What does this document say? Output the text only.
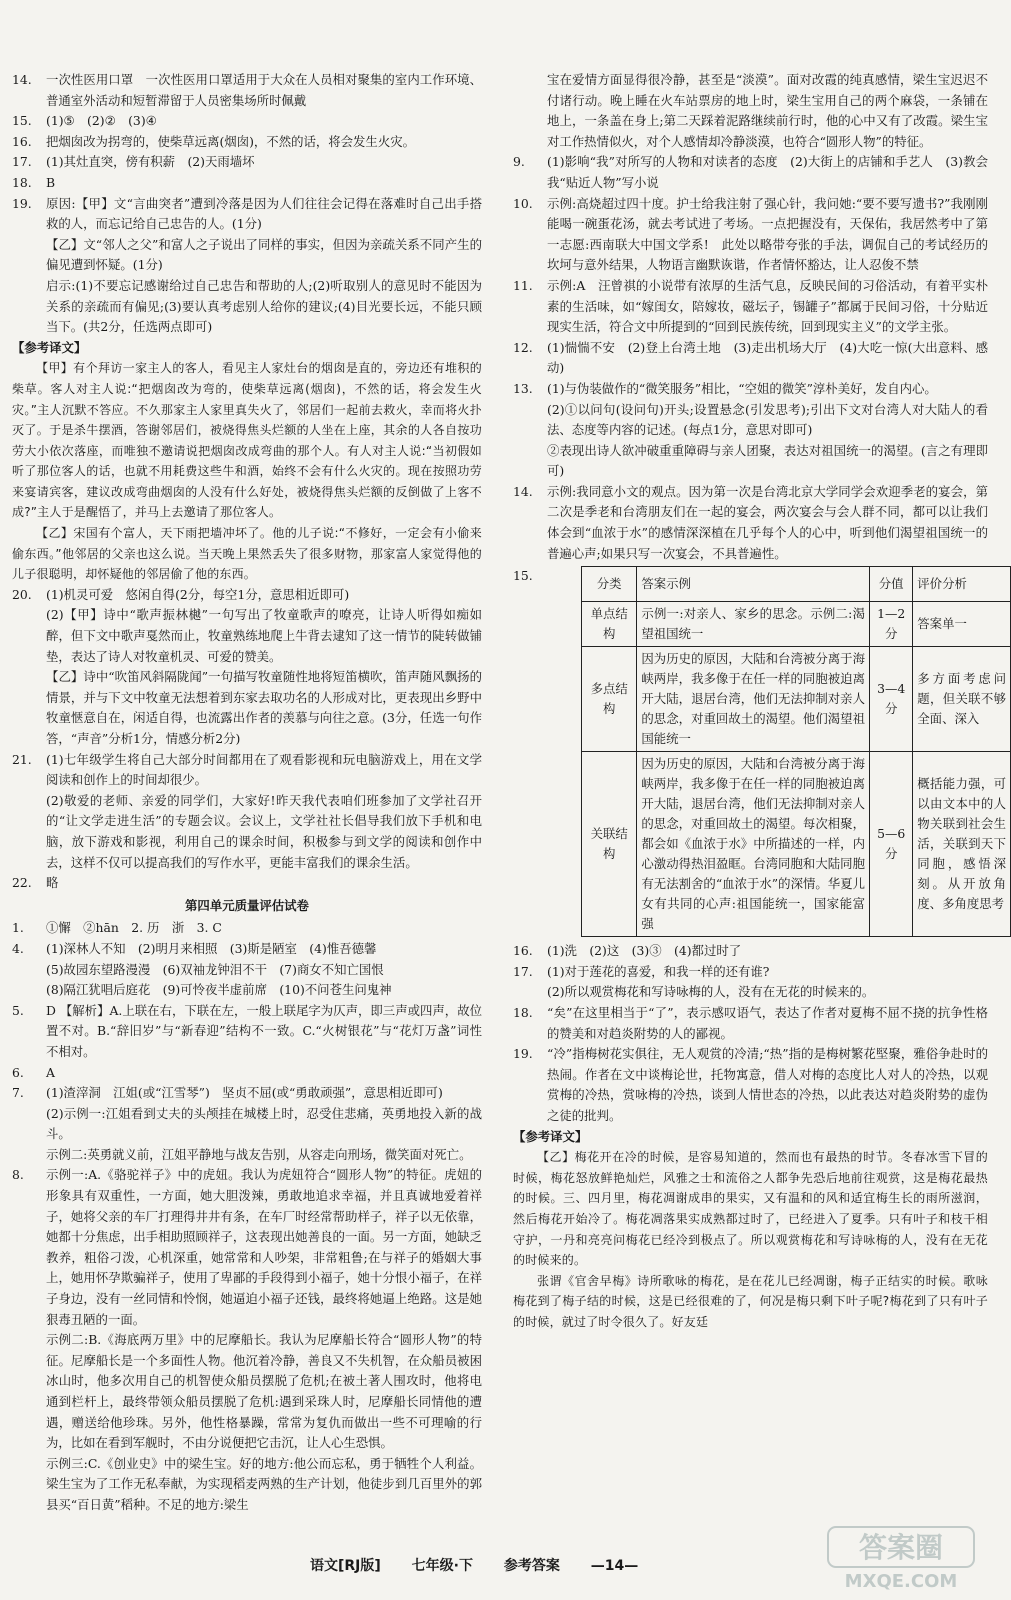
14. 一次性医用口罩　一次性医用口罩适用于大众在人员相对聚集的室内工作环境、普通室外活动和短暂滞留于人员密集场所时佩戴
15. (1)⑤　(2)②　(3)④
16. 把烟囱改为拐弯的，使柴草远离(烟囱)，不然的话，将会发生火灾。
17. (1)其灶直突，傍有积薪　(2)天雨墙坏
18. B
19. 原因:【甲】文“言曲突者”遭到冷落是因为人们往往会记得在落难时自己出手搭救的人，而忘记给自己忠告的人。(1分)
【乙】文“邻人之父”和富人之子说出了同样的事实，但因为亲疏关系不同产生的偏见遭到怀疑。(1分)
启示:(1)不要忘记感谢给过自己忠告和帮助的人;(2)听取别人的意见时不能因为关系的亲疏而有偏见;(3)要认真考虑别人给你的建议;(4)目光要长远，不能只顾当下。(共2分，任选两点即可)
【参考译文】
【甲】有个拜访一家主人的客人，看见主人家灶台的烟囱是直的，旁边还有堆积的柴草。客人对主人说:“把烟囱改为弯的，使柴草远离(烟囱)，不然的话，将会发生火灾。”主人沉默不答应。不久那家主人家里真失火了，邻居们一起前去救火，幸而将火扑灭了。于是杀牛摆酒，答谢邻居们，被烧得焦头烂额的人坐在上座，其余的人各自按功劳大小依次落座，而唯独不邀请说把烟囱改成弯曲的那个人。有人对主人说:“当初假如听了那位客人的话，也就不用耗费这些牛和酒，始终不会有什么火灾的。现在按照功劳来宴请宾客，建议改成弯曲烟囱的人没有什么好处，被烧得焦头烂额的反倒做了上客不成?”主人于是醒悟了，并马上去邀请了那位客人。
【乙】宋国有个富人，天下雨把墙冲坏了。他的儿子说:“不修好，一定会有小偷来偷东西。”他邻居的父亲也这么说。当天晚上果然丢失了很多财物，那家富人家觉得他的儿子很聪明，却怀疑他的邻居偷了他的东西。
20. (1)机灵可爱　悠闲自得(2分，每空1分，意思相近即可)
(2)【甲】诗中“歌声振林樾”一句写出了牧童歌声的嘹亮，让诗人听得如痴如醉，但下文中歌声戛然而止，牧童熟练地爬上牛背去逮知了这一情节的陡转做铺垫，表达了诗人对牧童机灵、可爱的赞美。
【乙】诗中“吹笛风斜隔陇闻”一句描写牧童随性地将短笛横吹，笛声随风飘扬的情景，并与下文中牧童无法想着到东家去取功名的人形成对比，更表现出乡野中牧童惬意自在，闲适自得，也流露出作者的羡慕与向往之意。(3分，任选一句作答，“声音”分析1分，情感分析2分)
21. (1)七年级学生将自己大部分时间都用在了观看影视和玩电脑游戏上，用在文学阅读和创作上的时间却很少。
(2)敬爱的老师、亲爱的同学们，大家好!昨天我代表咱们班参加了文学社召开的“让文学走进生活”的专题会议。会议上，文学社社长倡导我们放下手机和电脑，放下游戏和影视，利用自己的课余时间，积极参与到文学的阅读和创作中去，这样不仅可以提高我们的写作水平，更能丰富我们的课余生活。
22. 略
第四单元质量评估试卷
1. ①懈　②hān　2. 历　浙　3. C
4. (1)深林人不知　(2)明月来相照　(3)斯是陋室　(4)惟吾德馨
(5)故园东望路漫漫　(6)双袖龙钟泪不干　(7)商女不知亡国恨
(8)隔江犹唱后庭花　(9)可怜夜半虚前席　(10)不问苍生问鬼神
5. D 【解析】A.上联在右，下联在左，一般上联尾字为仄声，即三声或四声，故位置不对。B.“辞旧岁”与“新春迎”结构不一致。C.“火树银花”与“花灯万盏”词性不相对。
6. A
7. (1)渣滓洞　江姐(或“江雪琴”)　坚贞不屈(或“勇敢顽强”，意思相近即可)
(2)示例一:江姐看到丈夫的头颅挂在城楼上时，忍受住悲痛，英勇地投入新的战斗。
示例二:英勇就义前，江姐平静地与战友告别，从容走向刑场，微笑面对死亡。
8. 示例一:A.《骆驼祥子》中的虎妞。我认为虎妞符合“圆形人物”的特征。虎妞的形象具有双重性，一方面，她大胆泼辣，勇敢地追求幸福，并且真诚地爱着祥子，她将父亲的车厂打理得井井有条，在车厂时经常帮助样子，祥子以无依靠，她都十分焦虑，出手相助照顾祥子，这表现出她善良的一面。另一方面，她缺乏教养，粗俗刁泼，心机深重，她常常和人吵架，非常粗鲁;在与祥子的婚姻大事上，她用怀孕欺骗祥子，使用了卑鄙的手段得到小福子，她十分恨小福子，在祥子身边，没有一丝同情和怜悯，她逼迫小福子还钱，最终将她逼上绝路。这是她狠毒丑陋的一面。
示例二:B.《海底两万里》中的尼摩船长。我认为尼摩船长符合“圆形人物”的特征。尼摩船长是一个多面性人物。他沉着冷静，善良又不失机智，在众船员被困冰山时，他多次用自己的机智使众船员摆脱了危机;在被土著人围攻时，他将电通到栏杆上，最终带领众船员摆脱了危机:遇到采珠人时，尼摩船长同情他的遭遇，赠送给他珍珠。另外，他性格暴躁，常常为复仇而做出一些不可理喻的行为，比如在看到军舰时，不由分说便把它击沉，让人心生恐惧。
示例三:C.《创业史》中的梁生宝。好的地方:他公而忘私，勇于牺牲个人利益。梁生宝为了工作无私奉献，为实现稻麦两熟的生产计划，他徒步到几百里外的郭县买“百日黄”稻种。不足的地方:梁生
宝在爱情方面显得很冷静，甚至是“淡漠”。面对改霞的纯真感情，梁生宝迟迟不付诸行动。晚上睡在火车站票房的地上时，梁生宝用自己的两个麻袋，一条铺在地上，一条盖在身上;第二天踩着泥路继续前行时，他的心中又有了改霞。梁生宝对工作热情似火，对个人感情却冷静淡漠，也符合“圆形人物”的特征。
9. (1)影响“我”对所写的人物和对读者的态度　(2)大街上的店铺和手艺人　(3)教会我“贴近人物”写小说
10. 示例:高烧超过四十度。护士给我注射了强心针，我问她:“要不要写遗书?”我刚刚能喝一碗蛋花汤，就去考试进了考场。一点把握没有，天保佑，我居然考中了第一志愿:西南联大中国文学系!　此处以略带夸张的手法，调侃自己的考试经历的坎坷与意外结果，人物语言幽默诙谐，作者情怀豁达，让人忍俊不禁
11. 示例:A　汪曾祺的小说带有浓厚的生活气息，反映民间的习俗活动，有着平实朴素的生活味，如“嫁闺女，陪嫁妆，磁坛子，锡罐子”都属于民间习俗，十分贴近现实生活，符合文中所提到的“回到民族传统，回到现实主义”的文学主张。
12. (1)惴惴不安　(2)登上台湾土地　(3)走出机场大厅　(4)大吃一惊(大出意料、感动)
13. (1)与伪装做作的“微笑服务”相比，“空姐的微笑”淳朴美好，发自内心。
(2)①以问句(设问句)开头;设置悬念(引发思考);引出下文对台湾人对大陆人的看法、态度等内容的记述。(每点1分，意思对即可)
②表现出诗人欲冲破重重障碍与亲人团聚，表达对祖国统一的渴望。(言之有理即可)
14. 示例:我同意小文的观点。因为第一次是台湾北京大学同学会欢迎季老的宴会，第二次是季老和台湾朋友们在一起的宴会，两次宴会与会人群不同，都可以让我们体会到“血浓于水”的感情深深植在几乎每个人的心中，听到他们渴望祖国统一的普遍心声;如果只写一次宴会，不具普遍性。
15.
分类	答案示例	分值	评价分析
单点结构	示例一:对亲人、家乡的思念。示例二:渴望祖国统一	1—2分	答案单一
多点结构	因为历史的原因，大陆和台湾被分离于海峡两岸，我多像于在任一样的同胞被迫离开大陆，退居台湾，他们无法抑制对亲人的思念，对重回故土的渴望。他们渴望祖国能统一	3—4分	多方面考虑问题，但关联不够全面、深入
关联结构	因为历史的原因，大陆和台湾被分离于海峡两岸，我多像于在任一样的同胞被迫离开大陆，退居台湾，他们无法抑制对亲人的思念，对重回故土的渴望。每次相聚，都会如《血浓于水》中所描述的一样，内心激动得热泪盈眶。台湾同胞和大陆同胞有无法割舍的“血浓于水”的深情。华夏儿女有共同的心声:祖国能统一，国家能富强	5—6分	概括能力强，可以由文本中的人物关联到社会生活，关联到天下同胞，感悟深刻。从开放角度、多角度思考
16. (1)洗　(2)这　(3)③　(4)都过时了
17. (1)对于莲花的喜爱，和我一样的还有谁?
(2)所以观赏梅花和写诗咏梅的人，没有在无花的时候来的。
18. “矣”在这里相当于“了”，表示感叹语气，表达了作者对夏梅不屈不挠的抗争性格的赞美和对趋炎附势的人的鄙视。
19. “冷”指梅树花实俱往，无人观赏的冷清;“热”指的是梅树繁花堅聚，雅俗争赴时的热闹。作者在文中谈梅论世，托物寓意，借人对梅的态度比人对人的冷热，以观赏梅的冷热，赏咏梅的冷热，谈到人情世态的冷热，以此表达对趋炎附势的虚伪之徒的批判。
【参考译文】
【乙】梅花开在冷的时候，是容易知道的，然而也有最热的时节。冬春冰雪下冒的时候，梅花怒放鲜艳灿烂，风雅之士和流俗之人都争先恐后地前往观赏，这是梅花最热的时候。三、四月里，梅花凋谢成串的果实，又有温和的风和适宜梅生长的雨所滋润，然后梅花开始冷了。梅花凋落果实成熟都过时了，已经进入了夏季。只有叶子和枝干相守护，一丹和亮亮问梅花已经冷到极点了。所以观赏梅花和写诗咏梅的人，没有在无花的时候来的。
张谓《官舍早梅》诗所歌咏的梅花，是在花儿已经凋谢，梅子正结实的时候。歌咏梅花到了梅子结的时候，这是已经很难的了，何况是梅只剩下叶子呢?梅花到了只有叶子的时候，就过了时令很久了。好友廷
语文[RJ版] 七年级·下 参考答案 —14—
答案圈
MXQE.COM
